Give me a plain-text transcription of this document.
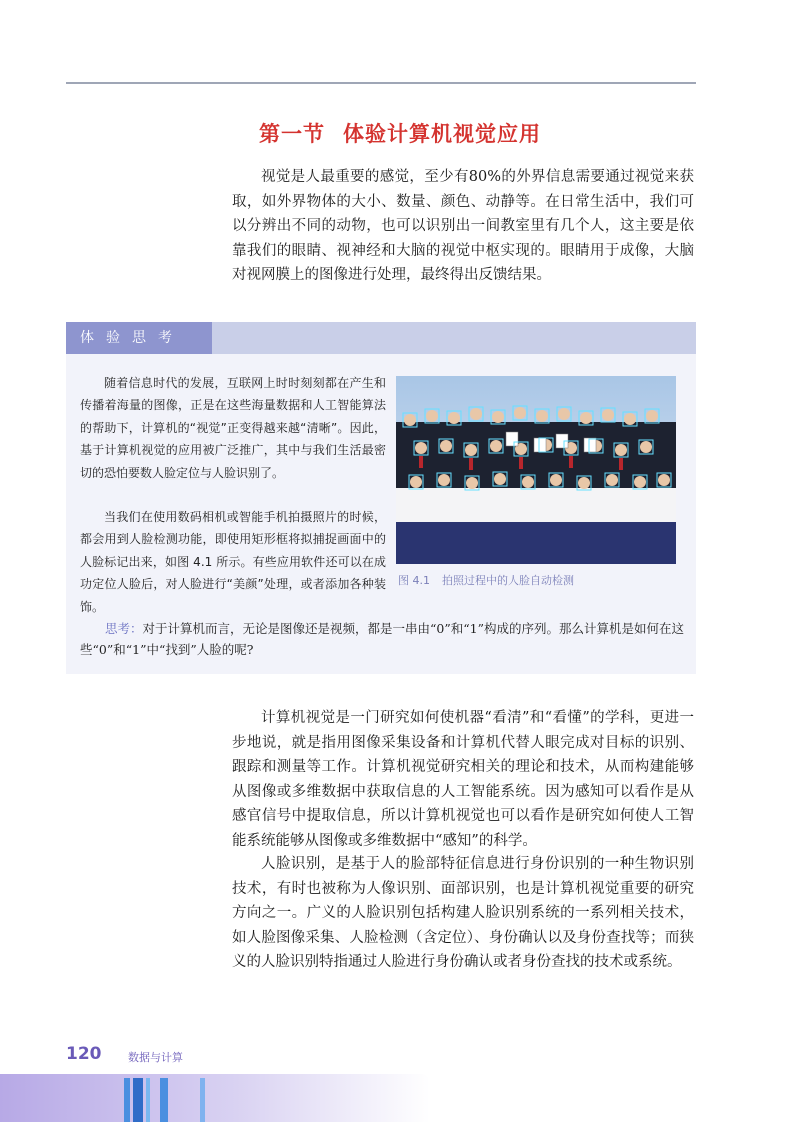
第一节 体验计算机视觉应用

视觉是人最重要的感觉，至少有80%的外界信息需要通过视觉来获取，如外界物体的大小、数量、颜色、动静等。在日常生活中，我们可以分辨出不同的动物，也可以识别出一间教室里有几个人，这主要是依靠我们的眼睛、视神经和大脑的视觉中枢实现的。眼睛用于成像，大脑对视网膜上的图像进行处理，最终得出反馈结果。

体验思考

随着信息时代的发展，互联网上时时刻刻都在产生和传播着海量的图像，正是在这些海量数据和人工智能算法的帮助下，计算机的“视觉”正变得越来越“清晰”。因此，基于计算机视觉的应用被广泛推广，其中与我们生活最密切的恐怕要数人脸定位与人脸识别了。

当我们在使用数码相机或智能手机拍摄照片的时候，都会用到人脸检测功能，即使用矩形框将拟捕捉画面中的人脸标记出来，如图 4.1 所示。有些应用软件还可以在成功定位人脸后，对人脸进行“美颜”处理，或者添加各种装饰。

图 4.1 拍照过程中的人脸自动检测

思考：对于计算机而言，无论是图像还是视频，都是一串由“0”和“1”构成的序列。那么计算机是如何在这些“0”和“1”中“找到”人脸的呢?

计算机视觉是一门研究如何使机器“看清”和“看懂”的学科，更进一步地说，就是指用图像采集设备和计算机代替人眼完成对目标的识别、跟踪和测量等工作。计算机视觉研究相关的理论和技术，从而构建能够从图像或多维数据中获取信息的人工智能系统。因为感知可以看作是从感官信号中提取信息，所以计算机视觉也可以看作是研究如何使人工智能系统能够从图像或多维数据中“感知”的科学。

人脸识别，是基于人的脸部特征信息进行身份识别的一种生物识别技术，有时也被称为人像识别、面部识别，也是计算机视觉重要的研究方向之一。广义的人脸识别包括构建人脸识别系统的一系列相关技术，如人脸图像采集、人脸检测（含定位）、身份确认以及身份查找等；而狭义的人脸识别特指通过人脸进行身份确认或者身份查找的技术或系统。

120 数据与计算
